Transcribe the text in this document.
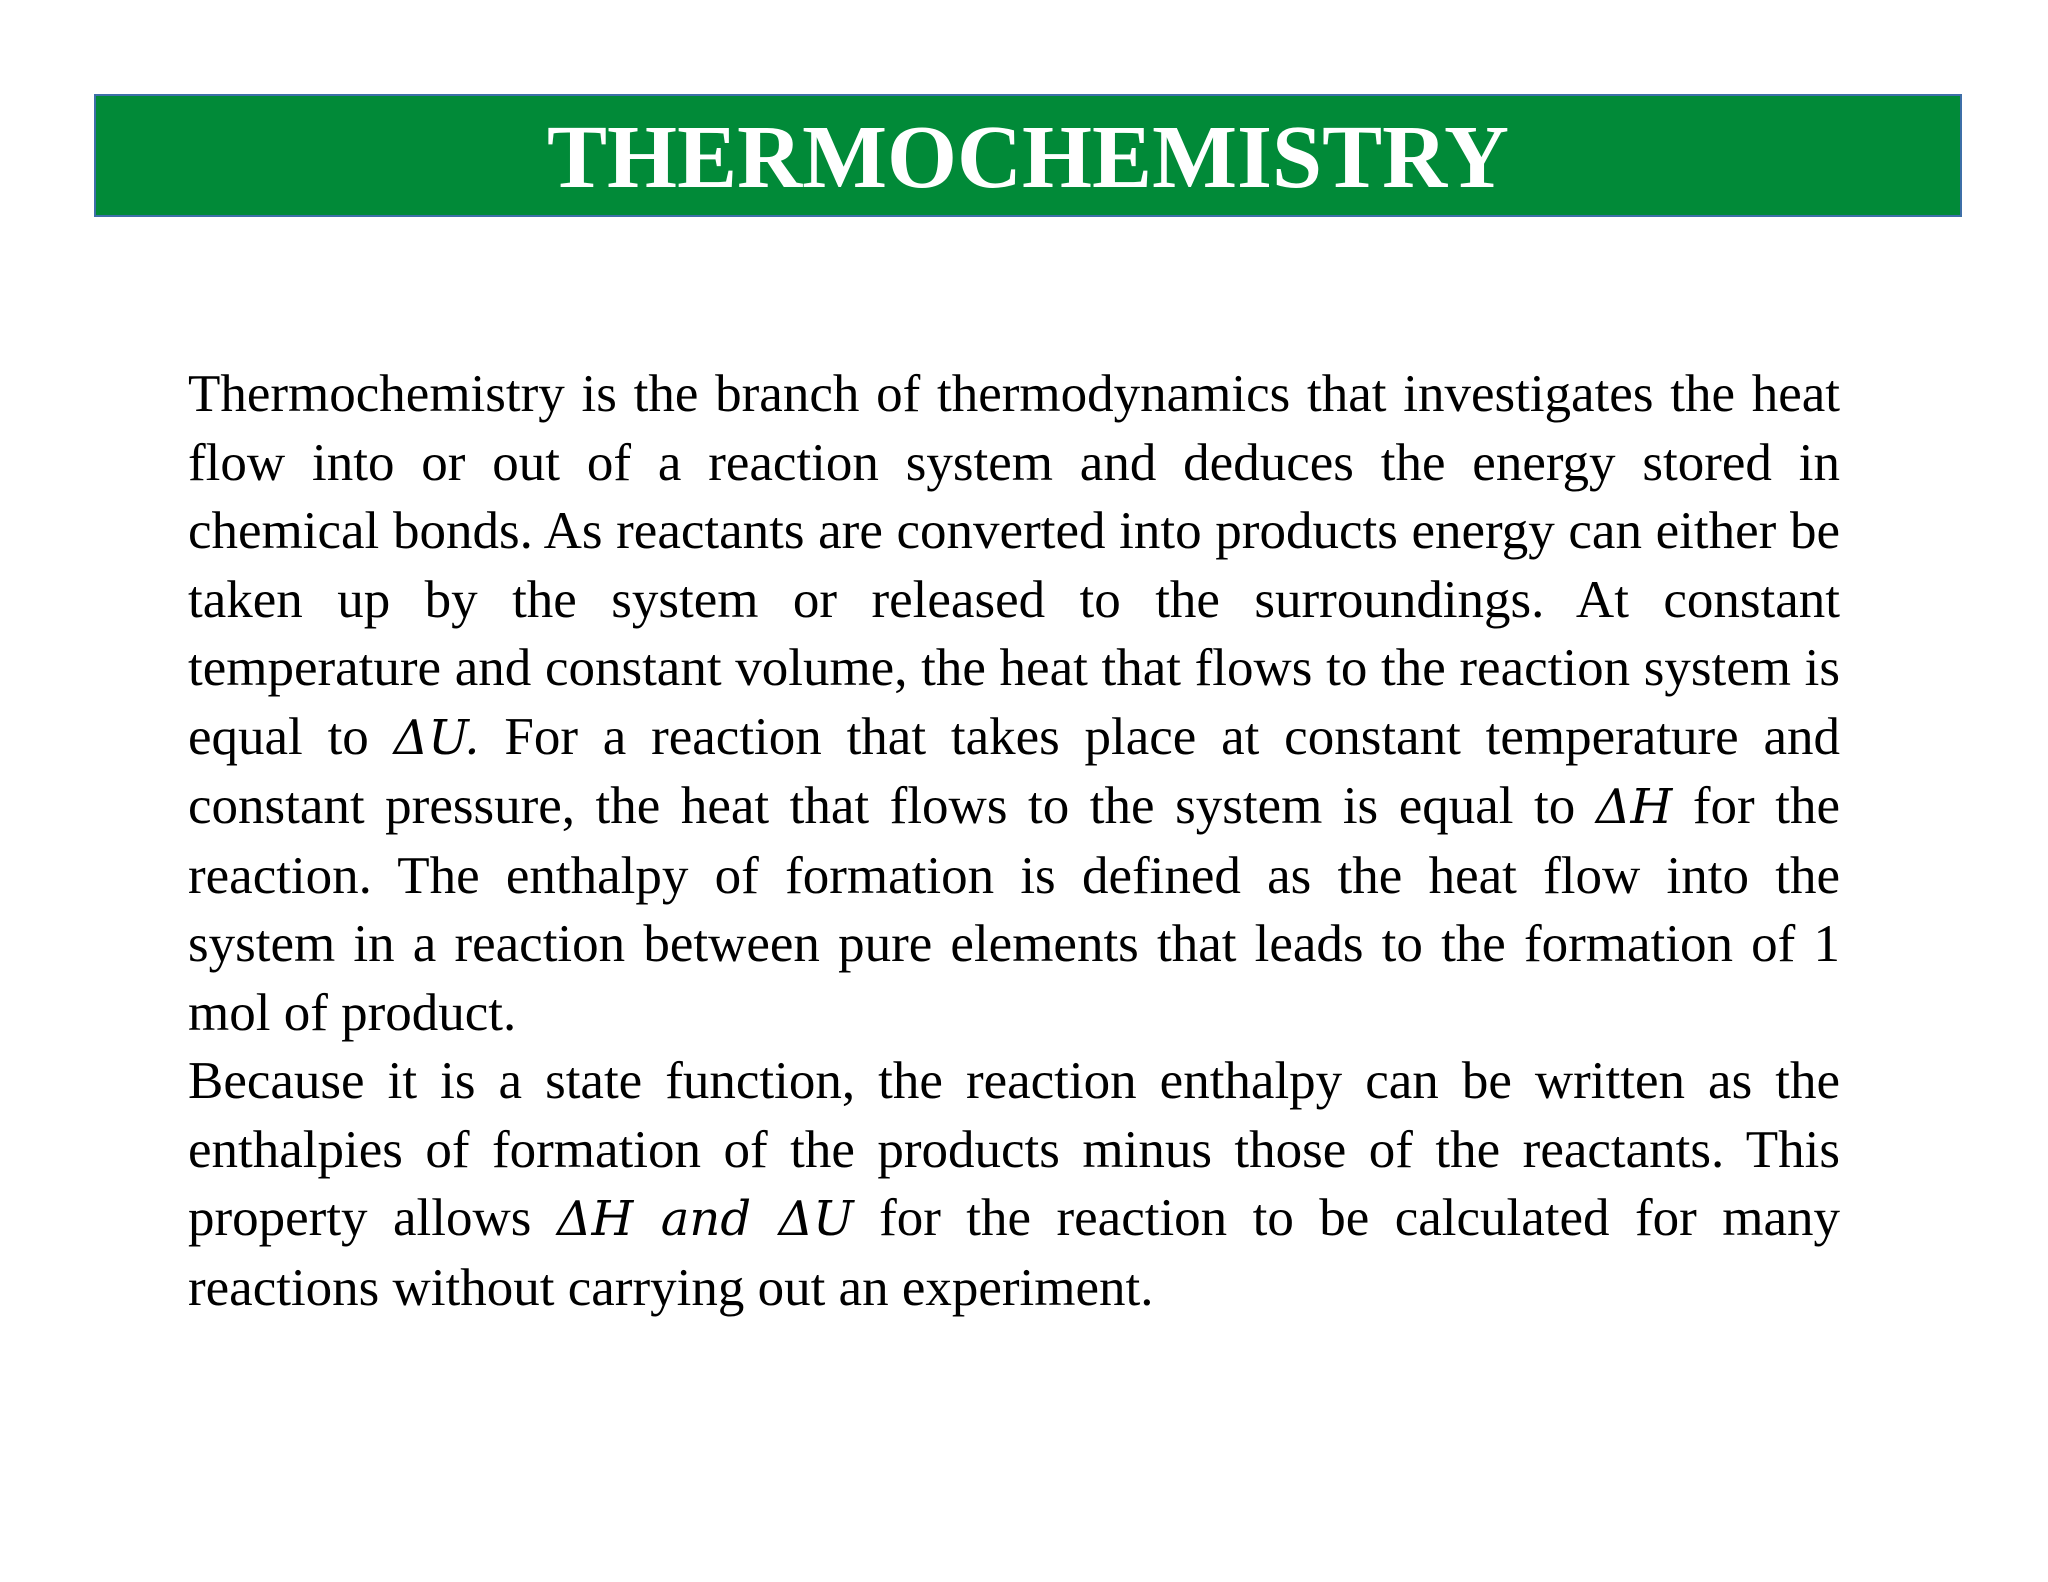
THERMOCHEMISTRY

Thermochemistry is the branch of thermodynamics that investigates the heat flow into or out of a reaction system and deduces the energy stored in chemical bonds. As reactants are converted into products energy can either be taken up by the system or released to the surroundings. At constant temperature and constant volume, the heat that flows to the reaction system is equal to ΔU. For a reaction that takes place at constant temperature and constant pressure, the heat that flows to the system is equal to ΔH for the reaction. The enthalpy of formation is defined as the heat flow into the system in a reaction between pure elements that leads to the formation of 1 mol of product.

Because it is a state function, the reaction enthalpy can be written as the enthalpies of formation of the products minus those of the reactants. This property allows ΔH and ΔU for the reaction to be calculated for many reactions without carrying out an experiment.
